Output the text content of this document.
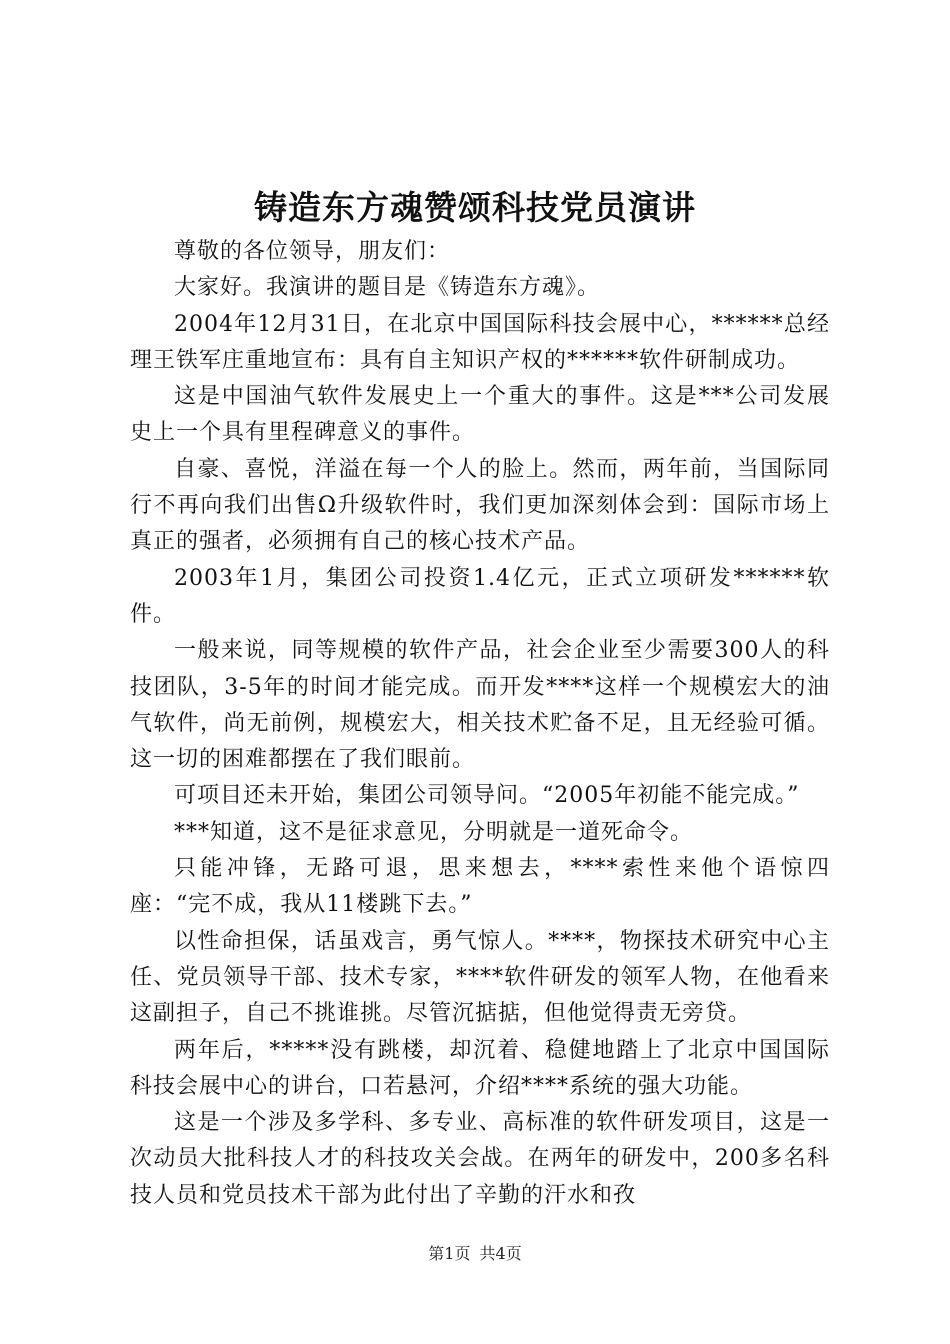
铸造东方魂赞颂科技党员演讲

尊敬的各位领导，朋友们：

大家好。我演讲的题目是《铸造东方魂》。

2004年12月31日，在北京中国国际科技会展中心，******总经理王铁军庄重地宣布：具有自主知识产权的******软件研制成功。

这是中国油气软件发展史上一个重大的事件。这是***公司发展史上一个具有里程碑意义的事件。

自豪、喜悦，洋溢在每一个人的脸上。然而，两年前，当国际同行不再向我们出售Ω升级软件时，我们更加深刻体会到：国际市场上真正的强者，必须拥有自己的核心技术产品。

2003年1月，集团公司投资1.4亿元，正式立项研发******软件。

一般来说，同等规模的软件产品，社会企业至少需要300人的科技团队，3-5年的时间才能完成。而开发****这样一个规模宏大的油气软件，尚无前例，规模宏大，相关技术贮备不足，且无经验可循。这一切的困难都摆在了我们眼前。

可项目还未开始，集团公司领导问。“2005年初能不能完成。”

***知道，这不是征求意见，分明就是一道死命令。

只能冲锋，无路可退，思来想去，****索性来他个语惊四座：“完不成，我从11楼跳下去。”

以性命担保，话虽戏言，勇气惊人。****，物探技术研究中心主任、党员领导干部、技术专家，****软件研发的领军人物，在他看来这副担子，自己不挑谁挑。尽管沉掂掂，但他觉得责无旁贷。

两年后，*****没有跳楼，却沉着、稳健地踏上了北京中国国际科技会展中心的讲台，口若悬河，介绍****系统的强大功能。

这是一个涉及多学科、多专业、高标准的软件研发项目，这是一次动员大批科技人才的科技攻关会战。在两年的研发中，200多名科技人员和党员技术干部为此付出了辛勤的汗水和孜

第1页 共4页
